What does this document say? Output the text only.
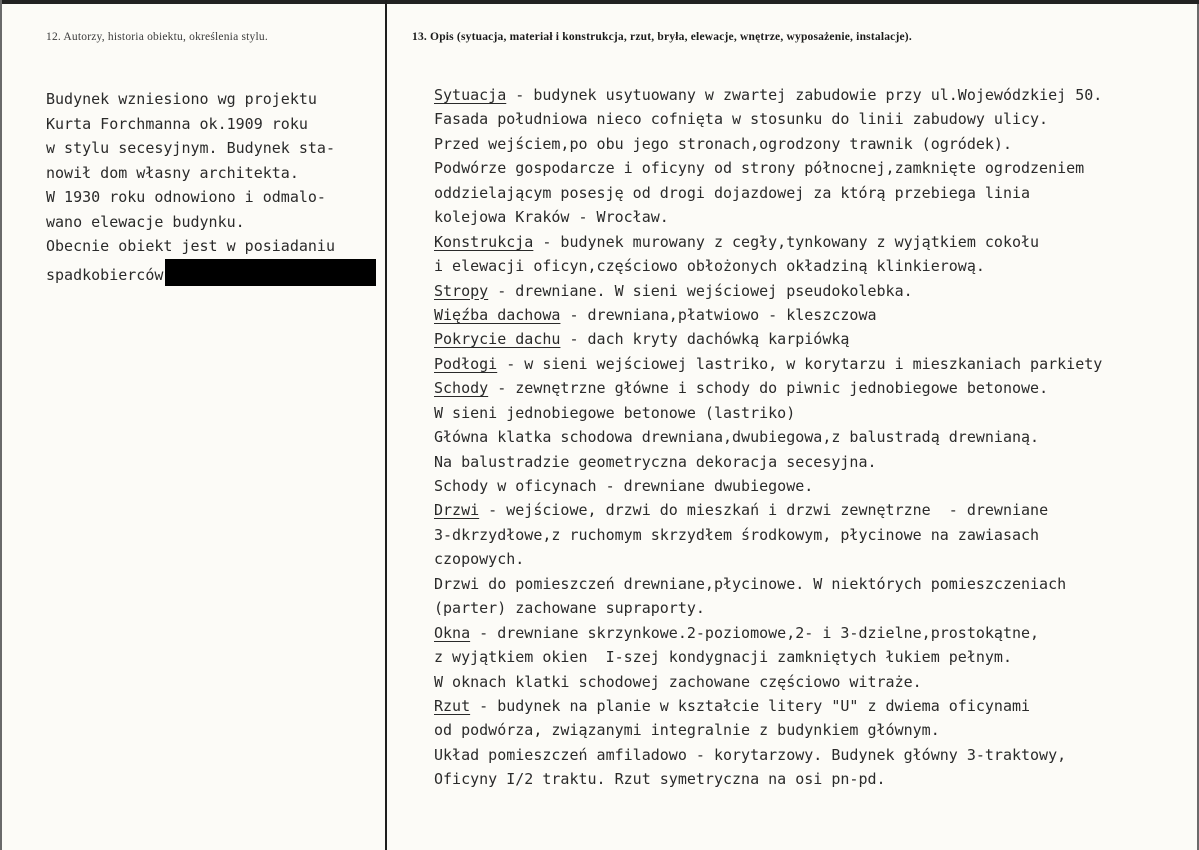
12. Autorzy, historia obiektu, określenia stylu.	13. Opis (sytuacja, materiał i konstrukcja, rzut, bryła, elewacje, wnętrze, wyposażenie, instalacje).
Budynek wzniesiono wg projektu
Kurta Forchmanna ok.1909 roku
w stylu secesyjnym. Budynek sta-
nowił dom własny architekta.
W 1930 roku odnowiono i odmalo-
wano elewacje budynku.
Obecnie obiekt jest w posiadaniu
spadkobierców
Sytuacja - budynek usytuowany w zwartej zabudowie przy ul.Wojewódzkiej 50.
Fasada południowa nieco cofnięta w stosunku do linii zabudowy ulicy.
Przed wejściem,po obu jego stronach,ogrodzony trawnik (ogródek).
Podwórze gospodarcze i oficyny od strony północnej,zamknięte ogrodzeniem
oddzielającym posesję od drogi dojazdowej za którą przebiega linia
kolejowa Kraków - Wrocław.
Konstrukcja - budynek murowany z cegły,tynkowany z wyjątkiem cokołu
i elewacji oficyn,częściowo obłożonych okładziną klinkierową.
Stropy - drewniane. W sieni wejściowej pseudokolebka.
Więźba dachowa - drewniana,płatwiowo - kleszczowa
Pokrycie dachu - dach kryty dachówką karpiówką
Podłogi - w sieni wejściowej lastriko, w korytarzu i mieszkaniach parkiety
Schody - zewnętrzne główne i schody do piwnic jednobiegowe betonowe.
W sieni jednobiegowe betonowe (lastriko)
Główna klatka schodowa drewniana,dwubiegowa,z balustradą drewnianą.
Na balustradzie geometryczna dekoracja secesyjna.
Schody w oficynach - drewniane dwubiegowe.
Drzwi - wejściowe, drzwi do mieszkań i drzwi zewnętrzne  - drewniane
3-dkrzydłowe,z ruchomym skrzydłem środkowym, płycinowe na zawiasach
czopowych.
Drzwi do pomieszczeń drewniane,płycinowe. W niektórych pomieszczeniach
(parter) zachowane supraporty.
Okna - drewniane skrzynkowe.2-poziomowe,2- i 3-dzielne,prostokątne,
z wyjątkiem okien  I-szej kondygnacji zamkniętych łukiem pełnym.
W oknach klatki schodowej zachowane częściowo witraże.
Rzut - budynek na planie w kształcie litery "U" z dwiema oficynami
od podwórza, związanymi integralnie z budynkiem głównym.
Układ pomieszczeń amfiladowo - korytarzowy. Budynek główny 3-traktowy,
Oficyny I/2 traktu. Rzut symetryczna na osi pn-pd.
